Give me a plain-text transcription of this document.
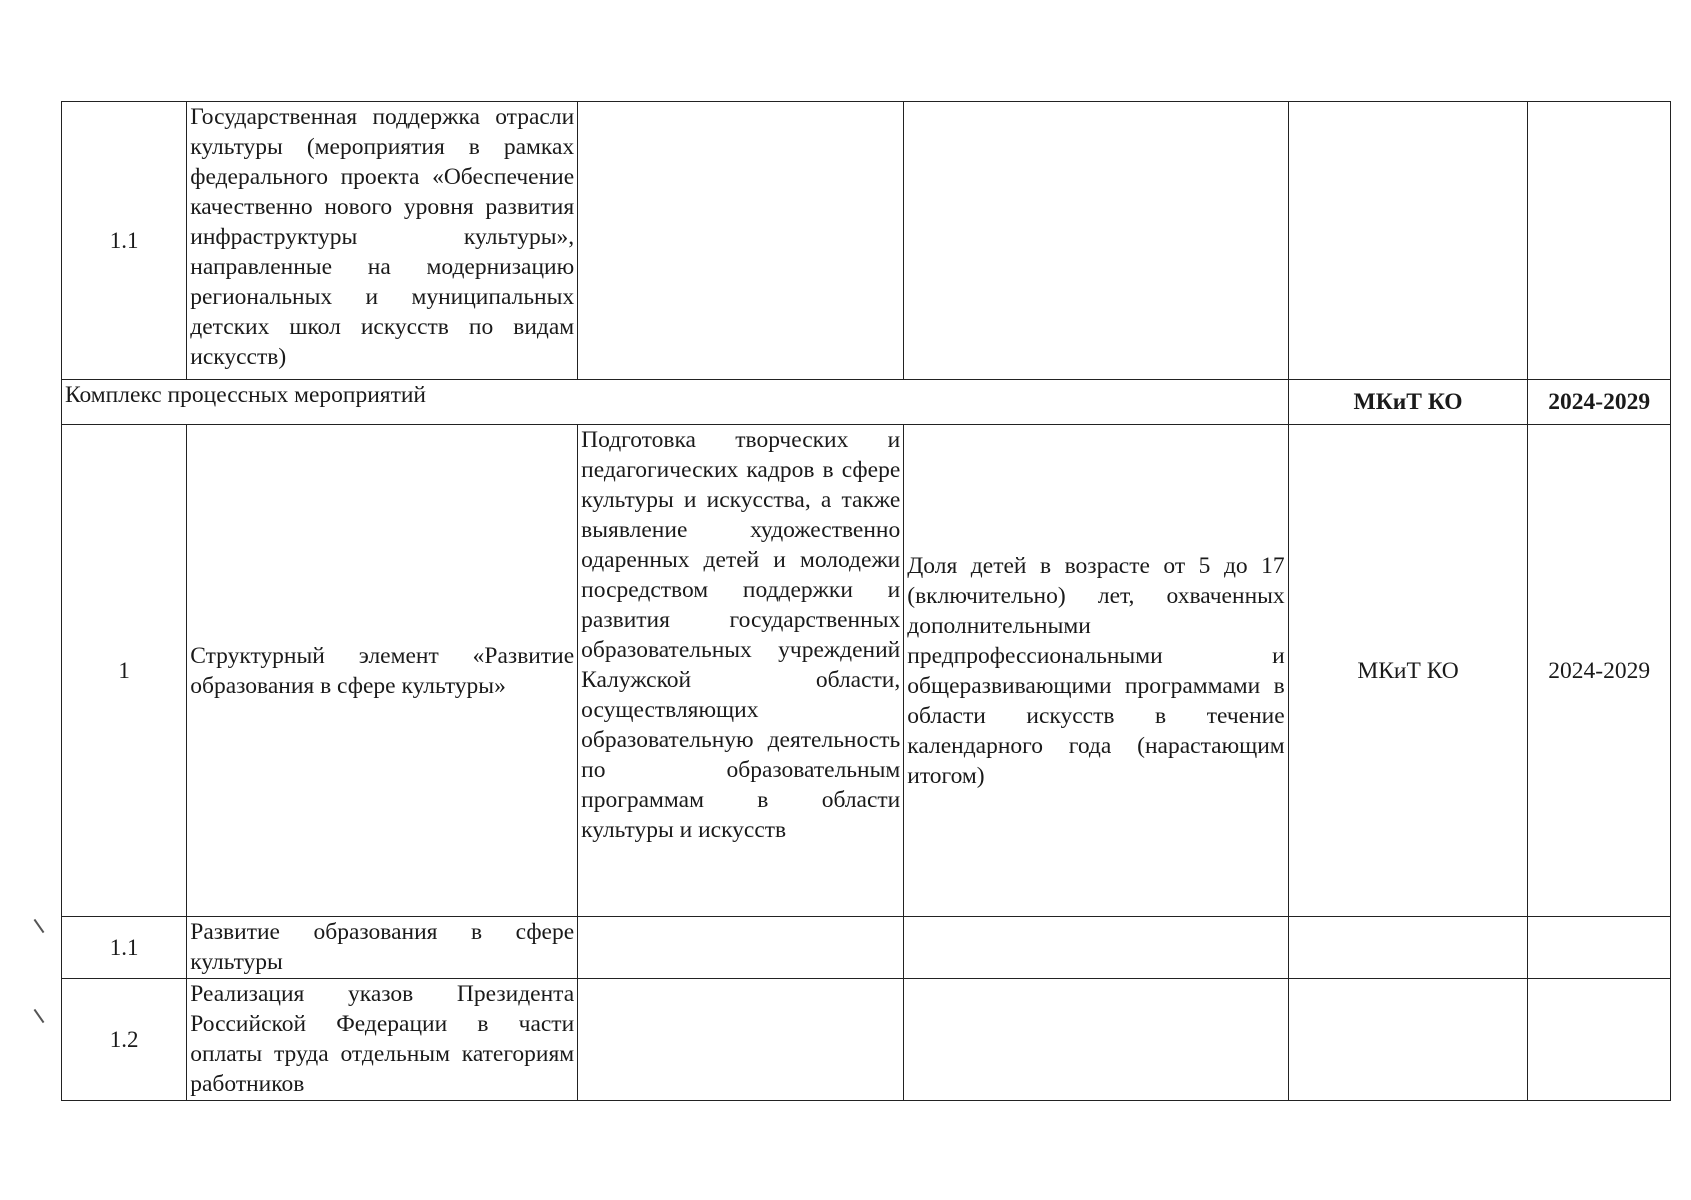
1.1	Государственная поддержка отрасли культуры (мероприятия в рамках федерального проекта «Обеспечение качественно нового уровня развития инфраструктуры культуры», направленные на модернизацию региональных и муниципальных детских школ искусств по видам искусств)				
Комплекс процессных мероприятий				МКиТ КО	2024-2029
1	Структурный элемент «Развитие образования в сфере культуры»	Подготовка творческих и педагогических кадров в сфере культуры и искусства, а также выявление художественно одаренных детей и молодежи посредством поддержки и развития государственных образовательных учреждений Калужской области, осуществляющих образовательную деятельность по образовательным программам в области культуры и искусств	Доля детей в возрасте от 5 до 17 (включительно) лет, охваченных дополнительными предпрофессиональными и общеразвивающими программами в области искусств в течение календарного года (нарастающим итогом)	МКиТ КО	2024-2029
1.1	Развитие образования в сфере культуры				
1.2	Реализация указов Президента Российской Федерации в части оплаты труда отдельным категориям работников				
